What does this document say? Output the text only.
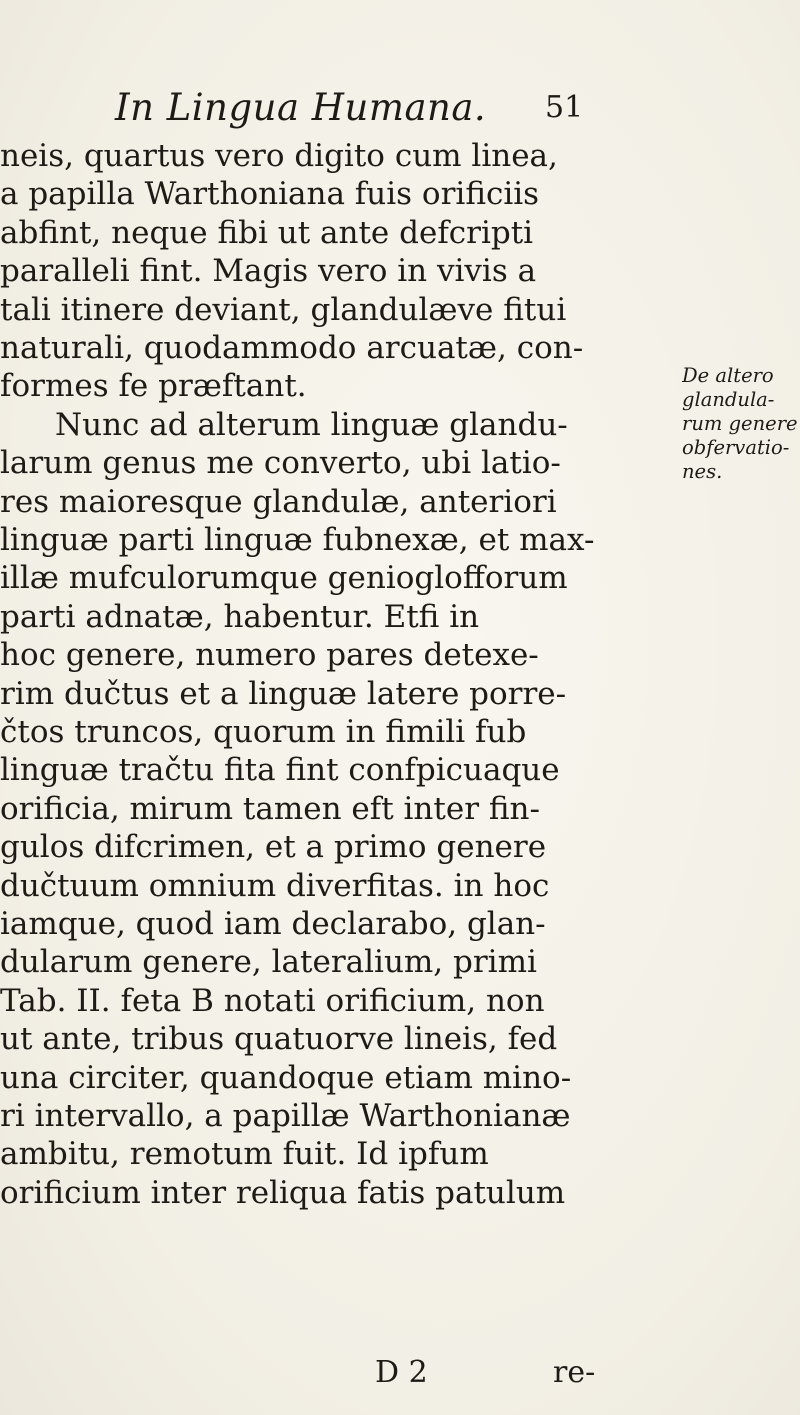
In Lingua Humana. 51
neis, quartus vero digito cum linea,
a papilla Warthoniana fuis orificiis
abfint, neque fibi ut ante defcripti
paralleli fint. Magis vero in vivis a
tali itinere deviant, glandulæve fitui
naturali, quodammodo arcuatæ, con-
formes fe præftant.
Nunc ad alterum linguæ glandu-
larum genus me converto, ubi latio-
res maioresque glandulæ, anteriori
linguæ parti linguæ fubnexæ, et max-
illæ mufculorumque genioglofforum
parti adnatæ, habentur. Etfi in
hoc genere, numero pares detexe-
rim dučtus et a linguæ latere porre-
čtos truncos, quorum in fimili fub
linguæ tračtu fita fint confpicuaque
orificia, mirum tamen eft inter fin-
gulos difcrimen, et a primo genere
dučtuum omnium diverfitas. in hoc
iamque, quod iam declarabo, glan-
dularum genere, lateralium, primi
Tab. II. feta B notati orificium, non
ut ante, tribus quatuorve lineis, fed
una circiter, quandoque etiam mino-
ri intervallo, a papillæ Warthonianæ
ambitu, remotum fuit. Id ipfum
orificium inter reliqua fatis patulum
De altero
glandula-
rum genere
obfervatio-
nes.
D 2	re-
